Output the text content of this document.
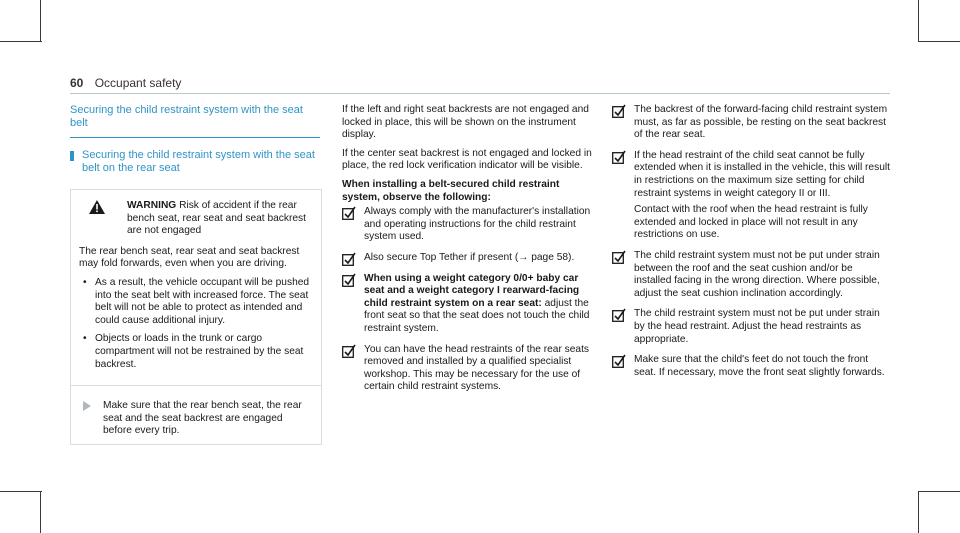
60 Occupant safety
Securing the child restraint system with the seat belt
Securing the child restraint system with the seat belt on the rear seat
WARNING Risk of accident if the rear bench seat, rear seat and seat backrest are not engaged

The rear bench seat, rear seat and seat backrest may fold forwards, even when you are driving.

• As a result, the vehicle occupant will be pushed into the seat belt with increased force. The seat belt will not be able to protect as intended and could cause additional injury.
• Objects or loads in the trunk or cargo compartment will not be restrained by the seat backrest.
Make sure that the rear bench seat, the rear seat and the seat backrest are engaged before every trip.

If the left and right seat backrests are not engaged and locked in place, this will be shown on the instrument display.

If the center seat backrest is not engaged and locked in place, the red lock verification indicator will be visible.

When installing a belt-secured child restraint system, observe the following:
Always comply with the manufacturer's installation and operating instructions for the child restraint system used.
Also secure Top Tether if present (→ page 58).
When using a weight category 0/0+ baby car seat and a weight category I rearward-facing child restraint system on a rear seat: adjust the front seat so that the seat does not touch the child restraint system.
You can have the head restraints of the rear seats removed and installed by a qualified specialist workshop. This may be necessary for the use of certain child restraint systems.
The backrest of the forward-facing child restraint system must, as far as possible, be resting on the seat backrest of the rear seat.
If the head restraint of the child seat cannot be fully extended when it is installed in the vehicle, this will result in restrictions on the maximum size setting for child restraint systems in weight category II or III.
Contact with the roof when the head restraint is fully extended and locked in place will not result in any restrictions on use.
The child restraint system must not be put under strain between the roof and the seat cushion and/or be installed facing in the wrong direction. Where possible, adjust the seat cushion inclination accordingly.
The child restraint system must not be put under strain by the head restraint. Adjust the head restraints as appropriate.
Make sure that the child's feet do not touch the front seat. If necessary, move the front seat slightly forwards.
